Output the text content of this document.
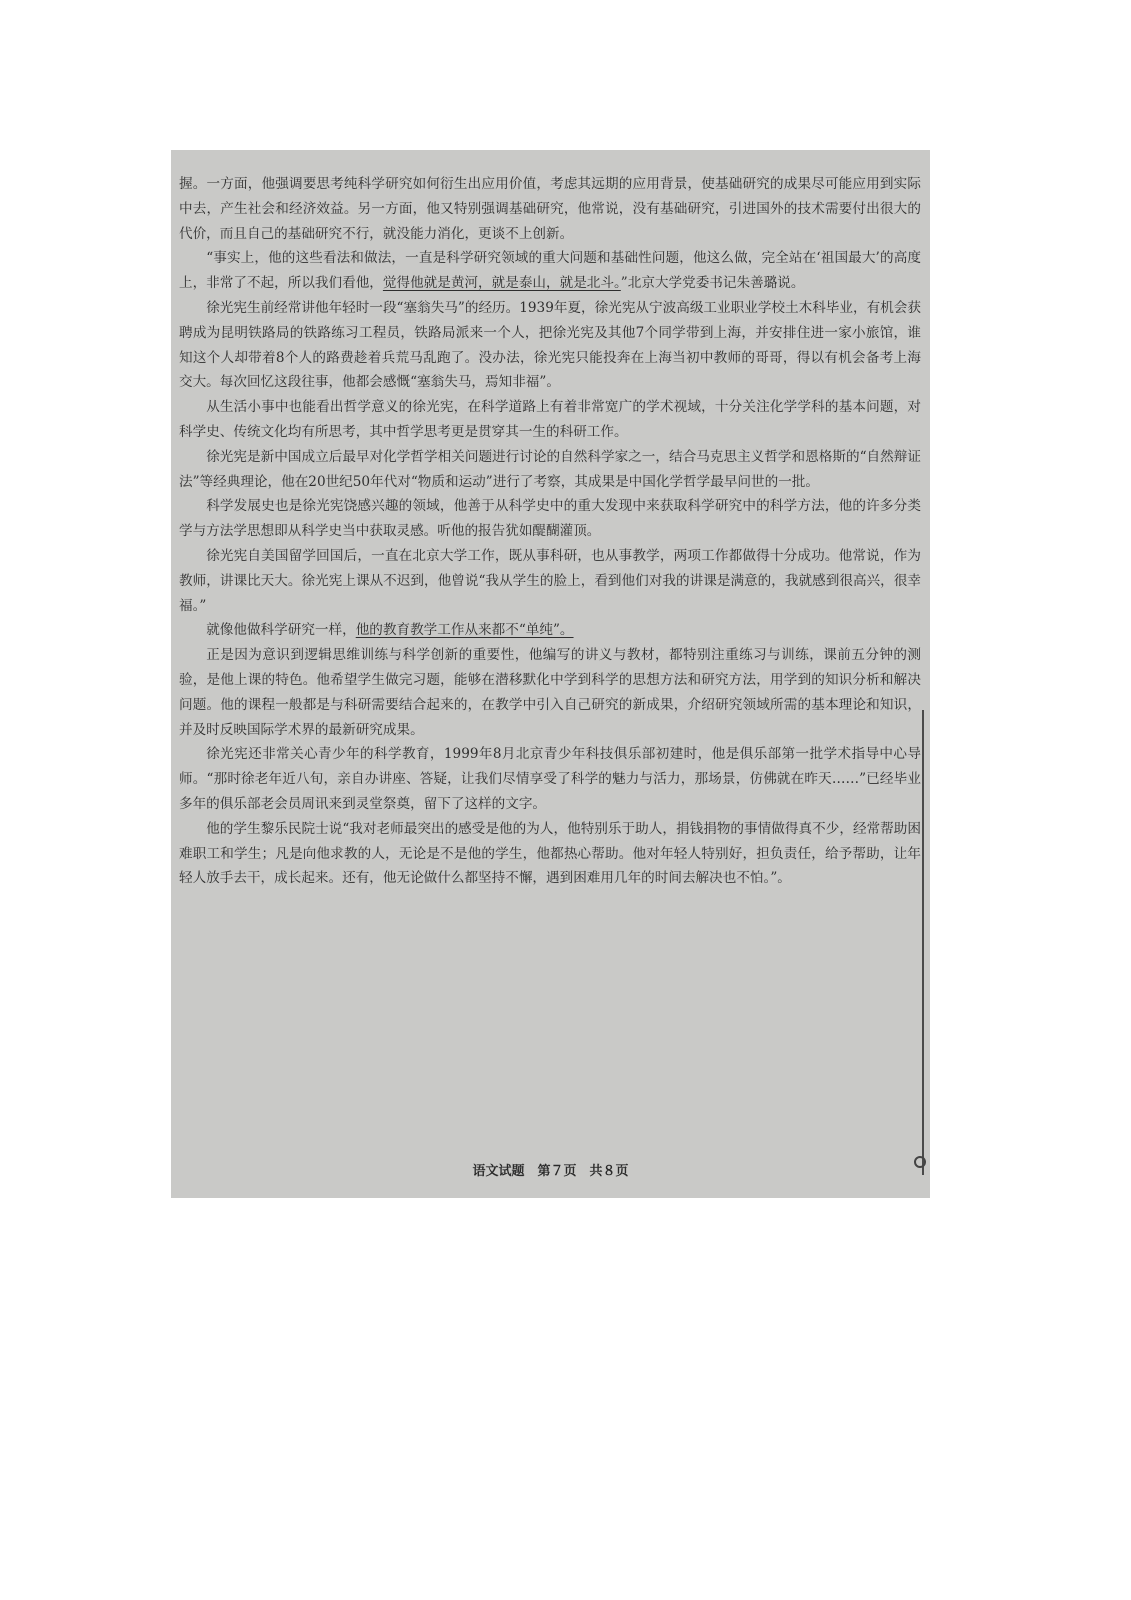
握。一方面，他强调要思考纯科学研究如何衍生出应用价值，考虑其远期的应用背景，使基础研究的成果尽可能应用到实际中去，产生社会和经济效益。另一方面，他又特别强调基础研究，他常说，没有基础研究，引进国外的技术需要付出很大的代价，而且自己的基础研究不行，就没能力消化，更谈不上创新。

“事实上，他的这些看法和做法，一直是科学研究领域的重大问题和基础性问题，他这么做，完全站在‘祖国最大’的高度上，非常了不起，所以我们看他，觉得他就是黄河，就是泰山，就是北斗。”北京大学党委书记朱善璐说。

徐光宪生前经常讲他年轻时一段“塞翁失马”的经历。1939年夏，徐光宪从宁波高级工业职业学校土木科毕业，有机会获聘成为昆明铁路局的铁路练习工程员，铁路局派来一个人，把徐光宪及其他7个同学带到上海，并安排住进一家小旅馆，谁知这个人却带着8个人的路费趁着兵荒马乱跑了。没办法，徐光宪只能投奔在上海当初中教师的哥哥，得以有机会备考上海交大。每次回忆这段往事，他都会感慨“塞翁失马，焉知非福”。

从生活小事中也能看出哲学意义的徐光宪，在科学道路上有着非常宽广的学术视域，十分关注化学学科的基本问题，对科学史、传统文化均有所思考，其中哲学思考更是贯穿其一生的科研工作。

徐光宪是新中国成立后最早对化学哲学相关问题进行讨论的自然科学家之一，结合马克思主义哲学和恩格斯的“自然辩证法”等经典理论，他在20世纪50年代对“物质和运动”进行了考察，其成果是中国化学哲学最早问世的一批。

科学发展史也是徐光宪饶感兴趣的领域，他善于从科学史中的重大发现中来获取科学研究中的科学方法，他的许多分类学与方法学思想即从科学史当中获取灵感。听他的报告犹如醍醐灌顶。

徐光宪自美国留学回国后，一直在北京大学工作，既从事科研，也从事教学，两项工作都做得十分成功。他常说，作为教师，讲课比天大。徐光宪上课从不迟到，他曾说“我从学生的脸上，看到他们对我的讲课是满意的，我就感到很高兴，很幸福。”

就像他做科学研究一样，他的教育教学工作从来都不“单纯”。

正是因为意识到逻辑思维训练与科学创新的重要性，他编写的讲义与教材，都特别注重练习与训练，课前五分钟的测验，是他上课的特色。他希望学生做完习题，能够在潜移默化中学到科学的思想方法和研究方法，用学到的知识分析和解决问题。他的课程一般都是与科研需要结合起来的，在教学中引入自己研究的新成果，介绍研究领域所需的基本理论和知识，并及时反映国际学术界的最新研究成果。

徐光宪还非常关心青少年的科学教育，1999年8月北京青少年科技俱乐部初建时，他是俱乐部第一批学术指导中心导师。“那时徐老年近八旬，亲自办讲座、答疑，让我们尽情享受了科学的魅力与活力，那场景，仿佛就在昨天……”已经毕业多年的俱乐部老会员周讯来到灵堂祭奠，留下了这样的文字。

他的学生黎乐民院士说“我对老师最突出的感受是他的为人，他特别乐于助人，捐钱捐物的事情做得真不少，经常帮助困难职工和学生；凡是向他求教的人，无论是不是他的学生，他都热心帮助。他对年轻人特别好，担负责任，给予帮助，让年轻人放手去干，成长起来。还有，他无论做什么都坚持不懈，遇到困难用几年的时间去解决也不怕。”。

语文试题　第７页　共８页
